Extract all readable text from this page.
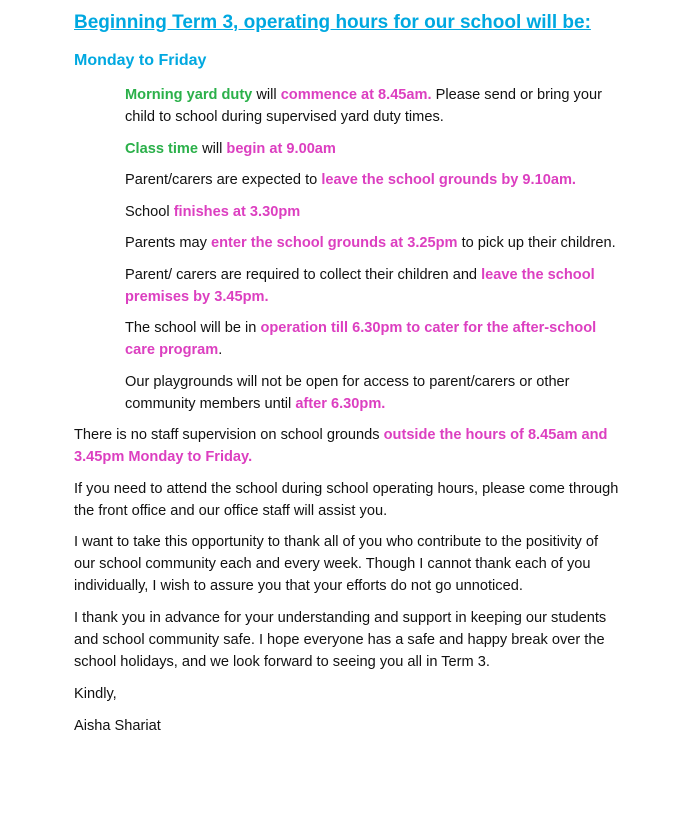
Beginning Term 3, operating hours for our school will be:
Monday to Friday

Morning yard duty will commence at 8.45am. Please send or bring your child to school during supervised yard duty times.

Class time will begin at 9.00am

Parent/carers are expected to leave the school grounds by 9.10am.

School finishes at 3.30pm

Parents may enter the school grounds at 3.25pm to pick up their children.

Parent/ carers are required to collect their children and leave the school premises by 3.45pm.

The school will be in operation till 6.30pm to cater for the after-school care program.

Our playgrounds will not be open for access to parent/carers or other community members until after 6.30pm.

There is no staff supervision on school grounds outside the hours of 8.45am and 3.45pm Monday to Friday.

If you need to attend the school during school operating hours, please come through the front office and our office staff will assist you.

I want to take this opportunity to thank all of you who contribute to the positivity of our school community each and every week. Though I cannot thank each of you individually, I wish to assure you that your efforts do not go unnoticed.

I thank you in advance for your understanding and support in keeping our students and school community safe. I hope everyone has a safe and happy break over the school holidays, and we look forward to seeing you all in Term 3.

Kindly,

Aisha Shariat
